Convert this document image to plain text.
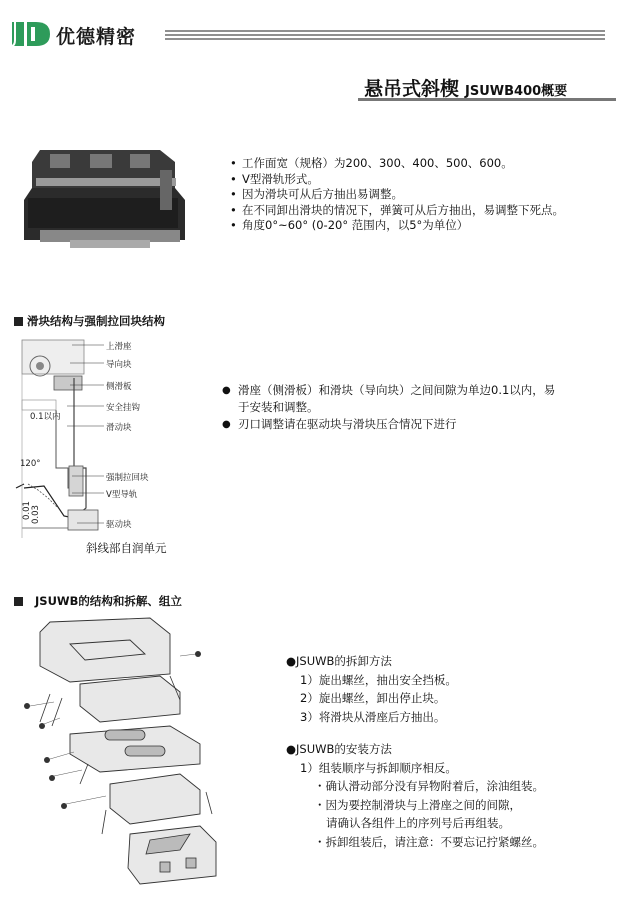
优德精密
悬吊式斜楔 JSUWB400概要
• 工作面宽（规格）为200、300、400、500、600。
• V型滑轨形式。
• 因为滑块可从后方抽出易调整。
• 在不同卸出滑块的情况下，弹簧可从后方抽出，易调整下死点。
• 角度0°~60° (0-20° 范围内，以5°为单位）
滑块结构与强制拉回块结构
0.1以内
120°
0.01 0.03
上滑座
导向块
侧滑板
安全挂钩
滑动块
强制拉回块
V型导轨
驱动块
斜线部自润单元
● 滑座（侧滑板）和滑块（导向块）之间间隙为单边0.1以内，易于安装和调整。
● 刃口调整请在驱动块与滑块压合情况下进行
JSUWB的结构和拆解、组立
●JSUWB的拆卸方法
1）旋出螺丝，抽出安全挡板。
2）旋出螺丝，卸出停止块。
3）将滑块从滑座后方抽出。
●JSUWB的安装方法
1）组装顺序与拆卸顺序相反。
・确认滑动部分没有异物附着后，涂油组装。
・因为要控制滑块与上滑座之间的间隙，
请确认各组件上的序列号后再组装。
・拆卸组装后，请注意：不要忘记拧紧螺丝。
